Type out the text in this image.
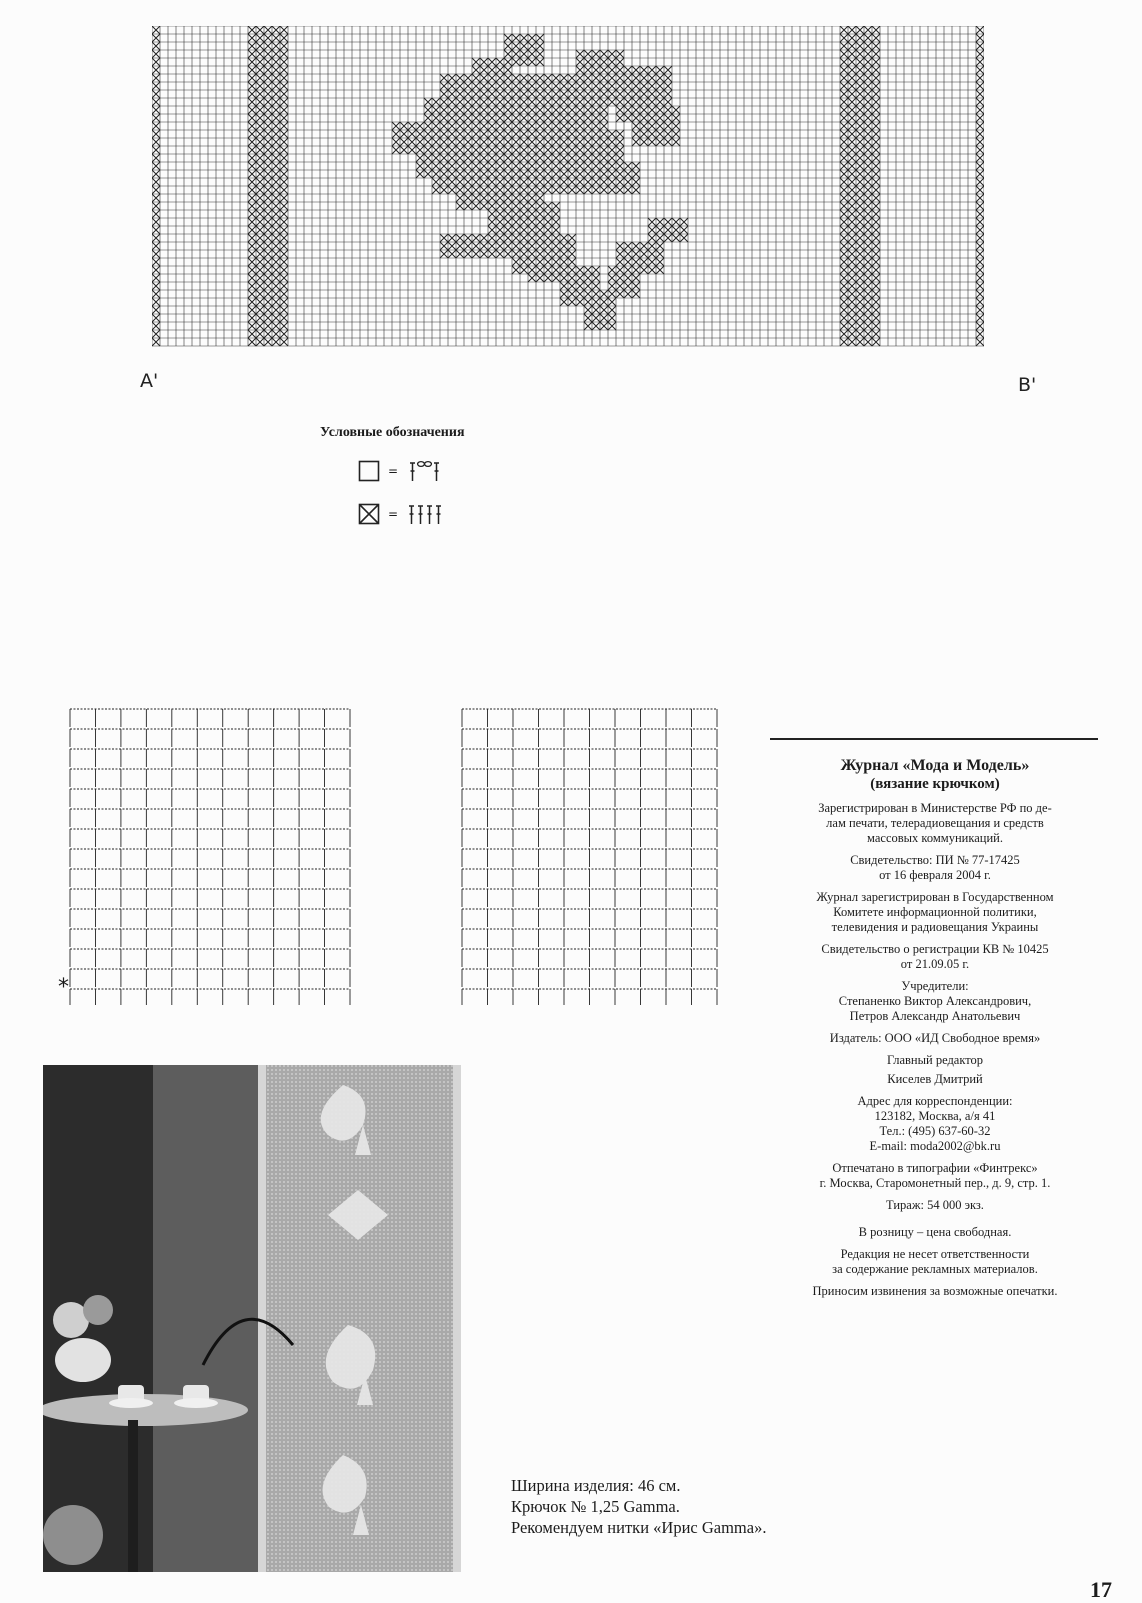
A'	B'
Условные обозначения
=
=
*
Журнал «Мода и Модель»
(вязание крючком)
Зарегистрирован в Министерстве РФ по де-
лам печати, телерадиовещания и средств
массовых коммуникаций.
Свидетельство: ПИ № 77-17425
от 16 февраля 2004 г.
Журнал зарегистрирован в Государственном
Комитете информационной политики,
телевидения и радиовещания Украины
Свидетельство о регистрации КВ № 10425
от 21.09.05 г.
Учредители:
Степаненко Виктор Александрович,
Петров Александр Анатольевич
Издатель: ООО «ИД Свободное время»
Главный редактор
Киселев Дмитрий
Адрес для корреспонденции:
123182, Москва, а/я 41
Тел.: (495) 637-60-32
E-mail: moda2002@bk.ru
Отпечатано в типографии «Финтрекс»
г. Москва, Старомонетный пер., д. 9, стр. 1.
Тираж: 54 000 экз.
В розницу – цена свободная.
Редакция не несет ответственности
за содержание рекламных материалов.
Приносим извинения за возможные опечатки.
Ширина изделия: 46 см.
Крючок № 1,25 Gamma.
Рекомендуем нитки «Ирис Gamma».
17
